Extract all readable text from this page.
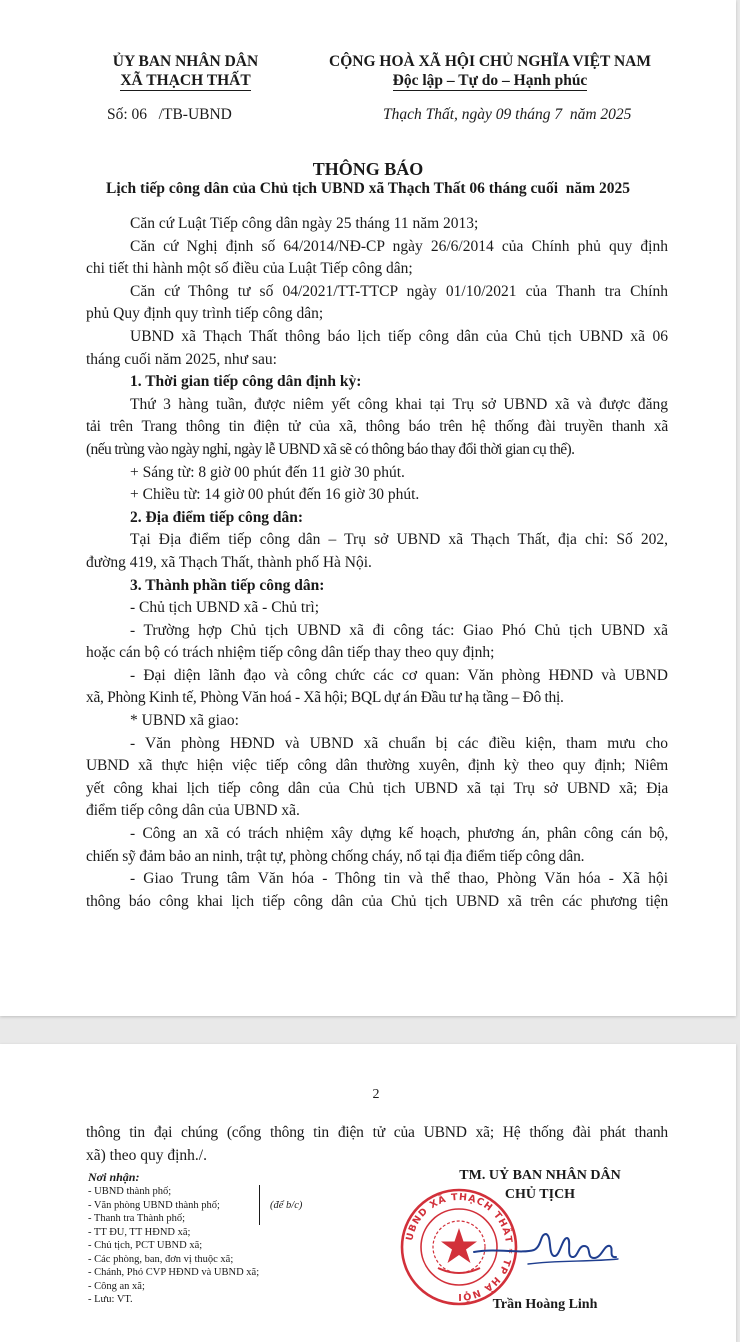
ỦY BAN NHÂN DÂN
XÃ THẠCH THẤT
CỘNG HOÀ XÃ HỘI CHỦ NGHĨA VIỆT NAM
Độc lập – Tự do – Hạnh phúc
Số: 06   /TB-UBND	Thạch Thất, ngày 09 tháng 7  năm 2025
THÔNG BÁO
Lịch tiếp công dân của Chủ tịch UBND xã Thạch Thất 06 tháng cuối  năm 2025
Căn cứ Luật Tiếp công dân ngày 25 tháng 11 năm 2013;
Căn cứ Nghị định số 64/2014/NĐ-CP ngày 26/6/2014 của Chính phủ quy định
chi tiết thi hành một số điều của Luật Tiếp công dân;
Căn cứ Thông tư số 04/2021/TT-TTCP ngày 01/10/2021 của Thanh tra Chính
phủ Quy định quy trình tiếp công dân;
UBND xã Thạch Thất thông báo lịch tiếp công dân của Chủ tịch UBND xã 06
tháng cuối năm 2025, như sau:
1. Thời gian tiếp công dân định kỳ:
Thứ 3 hàng tuần, được niêm yết công khai tại Trụ sở UBND xã và được đăng
tải trên Trang thông tin điện tử của xã, thông báo trên hệ thống đài truyền thanh xã
(nếu trùng vào ngày nghỉ, ngày lễ UBND xã sẽ có thông báo thay đổi thời gian cụ thể).
+ Sáng từ: 8 giờ 00 phút đến 11 giờ 30 phút.
+ Chiều từ: 14 giờ 00 phút đến 16 giờ 30 phút.
2. Địa điểm tiếp công dân:
Tại Địa điểm tiếp công dân – Trụ sở UBND xã Thạch Thất, địa chỉ: Số 202,
đường 419, xã Thạch Thất, thành phố Hà Nội.
3. Thành phần tiếp công dân:
- Chủ tịch UBND xã - Chủ trì;
- Trường hợp Chủ tịch UBND xã đi công tác: Giao Phó Chủ tịch UBND xã
hoặc cán bộ có trách nhiệm tiếp công dân tiếp thay theo quy định;
- Đại diện lãnh đạo và công chức các cơ quan: Văn phòng HĐND và UBND
xã, Phòng Kinh tế, Phòng Văn hoá - Xã hội; BQL dự án Đầu tư hạ tầng – Đô thị.
* UBND xã giao:
- Văn phòng HĐND và UBND xã chuẩn bị các điều kiện, tham mưu cho
UBND xã thực hiện việc tiếp công dân thường xuyên, định kỳ theo quy định; Niêm
yết công khai lịch tiếp công dân của Chủ tịch UBND xã tại Trụ sở UBND xã; Địa
điểm tiếp công dân của UBND xã.
- Công an xã có trách nhiệm xây dựng kế hoạch, phương án, phân công cán bộ,
chiến sỹ đảm bảo an ninh, trật tự, phòng chống cháy, nổ tại địa điểm tiếp công dân.
- Giao Trung tâm Văn hóa - Thông tin và thể thao, Phòng Văn hóa - Xã hội
thông báo công khai lịch tiếp công dân của Chủ tịch UBND xã trên các phương tiện
2
thông tin đại chúng (cổng thông tin điện tử của UBND xã; Hệ thống đài phát thanh
xã) theo quy định./.
Nơi nhận:
- UBND thành phố;
- Văn phòng UBND thành phố;
- Thanh tra Thành phố;
- TT ĐU, TT HĐND xã;
- Chủ tịch, PCT UBND xã;
- Các phòng, ban, đơn vị thuộc xã;
- Chánh, Phó CVP HĐND và UBND xã;
- Công an xã;
- Lưu: VT.
(để b/c)
TM. UỶ BAN NHÂN DÂN
CHỦ TỊCH
UBND XÃ THẠCH THẤT * TP HÀ NỘI
Trần Hoàng Linh
